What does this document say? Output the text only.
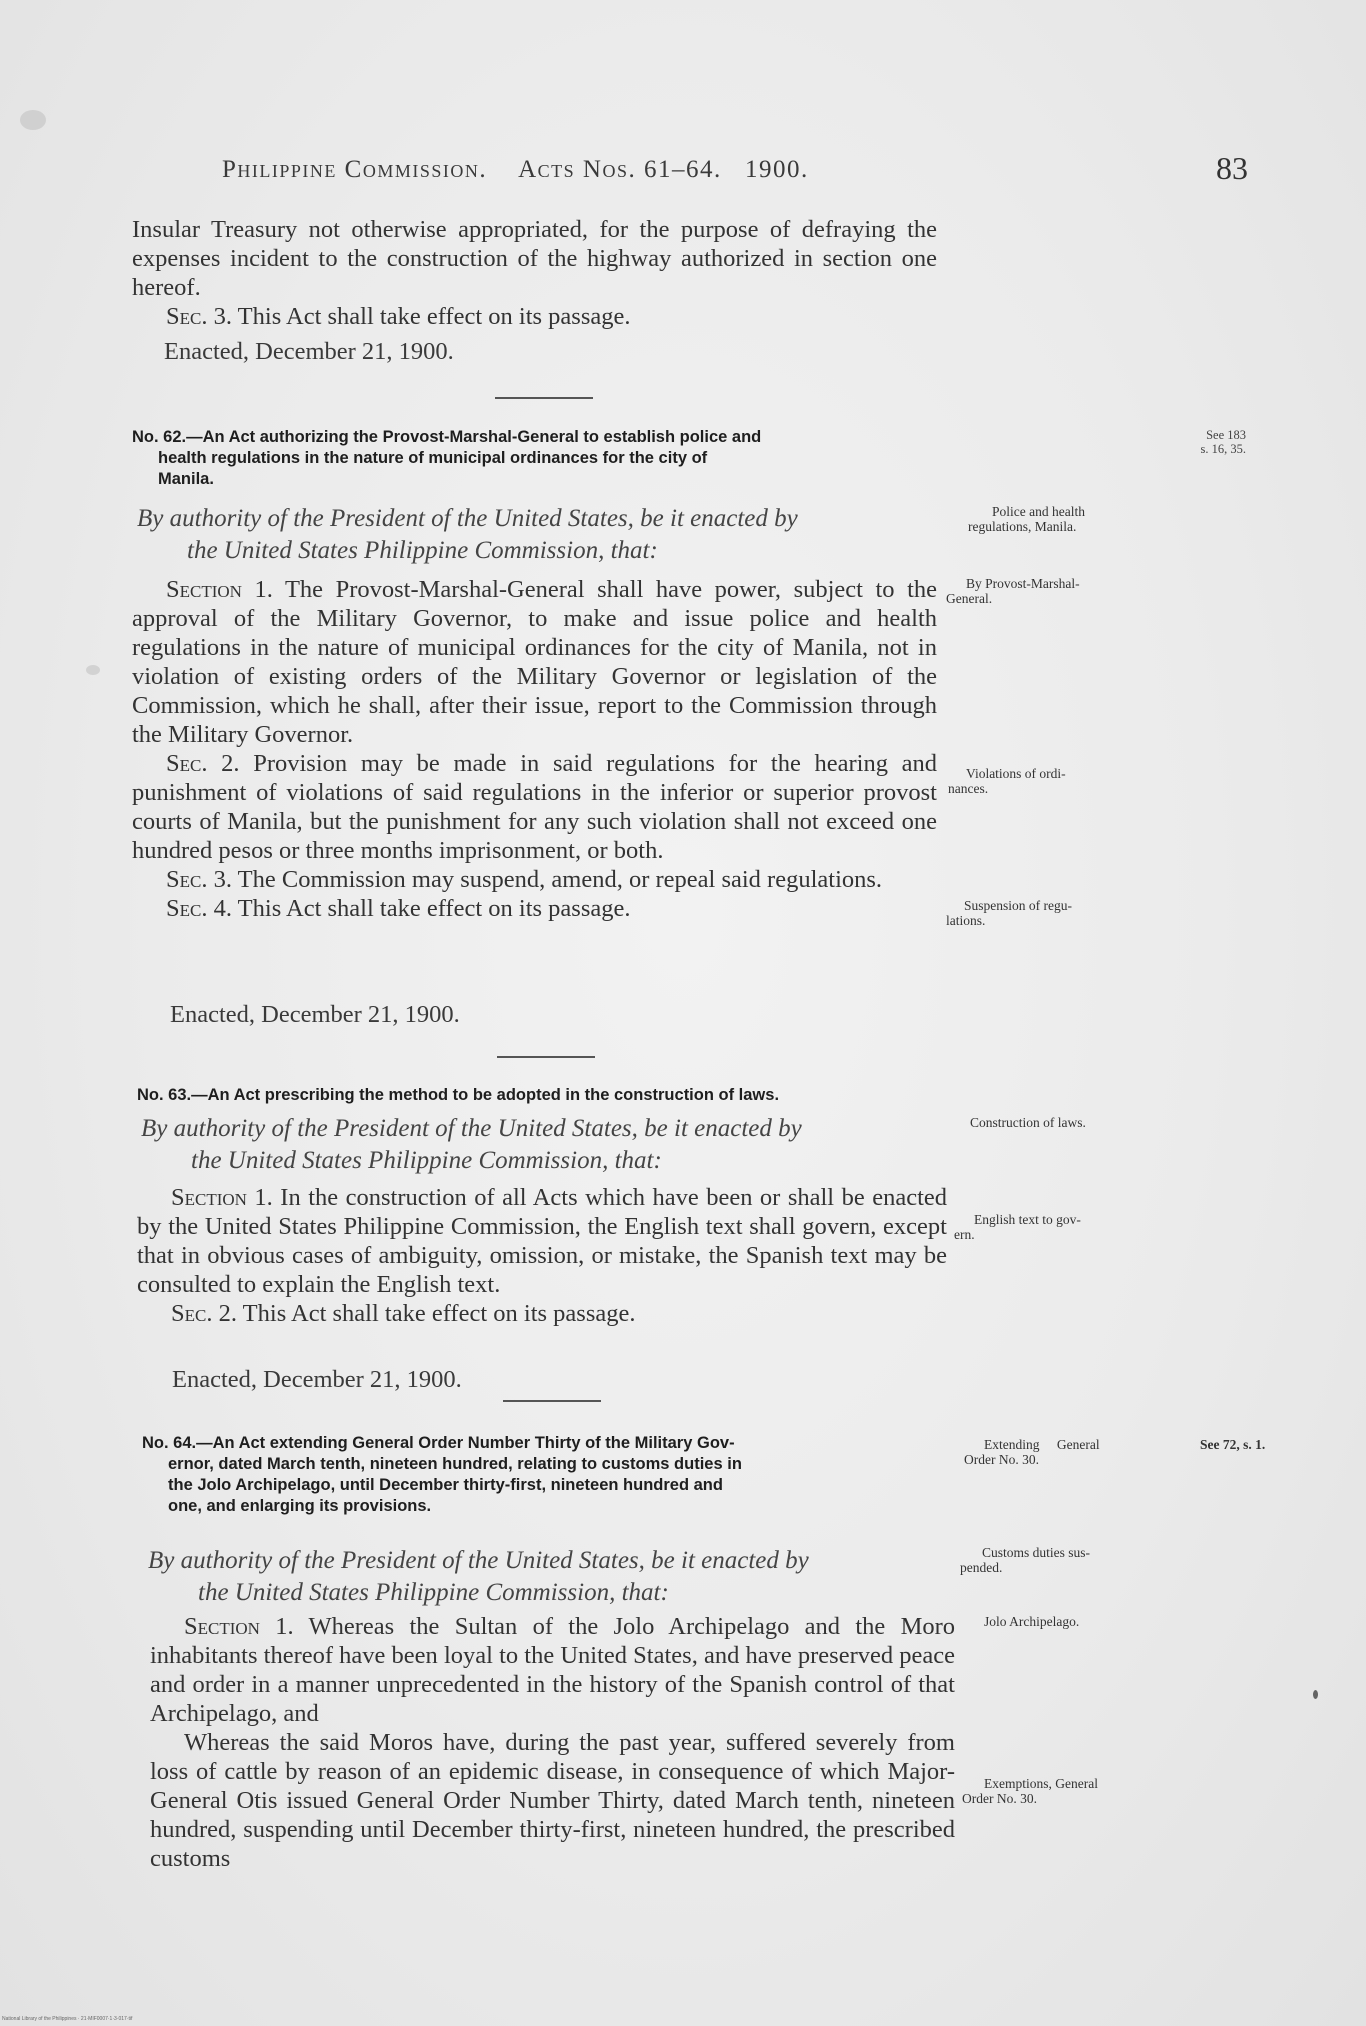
Philippine Commission. Acts Nos. 61–64. 1900.	83

Insular Treasury not otherwise appropriated, for the purpose of defraying the expenses incident to the construction of the highway authorized in section one hereof.

Sec. 3. This Act shall take effect on its passage.

Enacted, December 21, 1900.
No. 62.—An Act authorizing the Provost-Marshal-General to establish police and
health regulations in the nature of municipal ordinances for the city of
Manila.
See 183
s. 16, 35.
By authority of the President of the United States, be it enacted by
the United States Philippine Commission, that:
Police and health
regulations, Manila.

Section 1. The Provost-Marshal-General shall have power, subject to the approval of the Military Governor, to make and issue police and health regulations in the nature of municipal ordinances for the city of Manila, not in violation of existing orders of the Military Governor or legislation of the Commission, which he shall, after their issue, report to the Commission through the Military Governor.

Sec. 2. Provision may be made in said regulations for the hearing and punishment of violations of said regulations in the inferior or superior provost courts of Manila, but the punishment for any such violation shall not exceed one hundred pesos or three months imprisonment, or both.

Sec. 3. The Commission may suspend, amend, or repeal said regulations.

Sec. 4. This Act shall take effect on its passage.

By Provost-Marshal-
General.
Violations of ordi-
nances.
Suspension of regu-
lations.
Enacted, December 21, 1900.
No. 63.—An Act prescribing the method to be adopted in the construction of laws.
By authority of the President of the United States, be it enacted by
the United States Philippine Commission, that:
Construction of laws.

Section 1. In the construction of all Acts which have been or shall be enacted by the United States Philippine Commission, the English text shall govern, except that in obvious cases of ambiguity, omission, or mistake, the Spanish text may be consulted to explain the English text.

Sec. 2. This Act shall take effect on its passage.

English text to gov-
ern.
Enacted, December 21, 1900.
No. 64.—An Act extending General Order Number Thirty of the Military Gov-
ernor, dated March tenth, nineteen hundred, relating to customs duties in
the Jolo Archipelago, until December thirty-first, nineteen hundred and
one, and enlarging its provisions.
Extending General
Order No. 30.
See 72, s. 1.
By authority of the President of the United States, be it enacted by
the United States Philippine Commission, that:
Customs duties sus-
pended.

Section 1. Whereas the Sultan of the Jolo Archipelago and the Moro inhabitants thereof have been loyal to the United States, and have preserved peace and order in a manner unprecedented in the history of the Spanish control of that Archipelago, and

Whereas the said Moros have, during the past year, suffered severely from loss of cattle by reason of an epidemic disease, in consequence of which Major-General Otis issued General Order Number Thirty, dated March tenth, nineteen hundred, suspending until December thirty-first, nineteen hundred, the prescribed customs

Jolo Archipelago.
Exemptions, General
Order No. 30.
National Library of the Philippines · 21·MIF0007·1·3·017·tif
